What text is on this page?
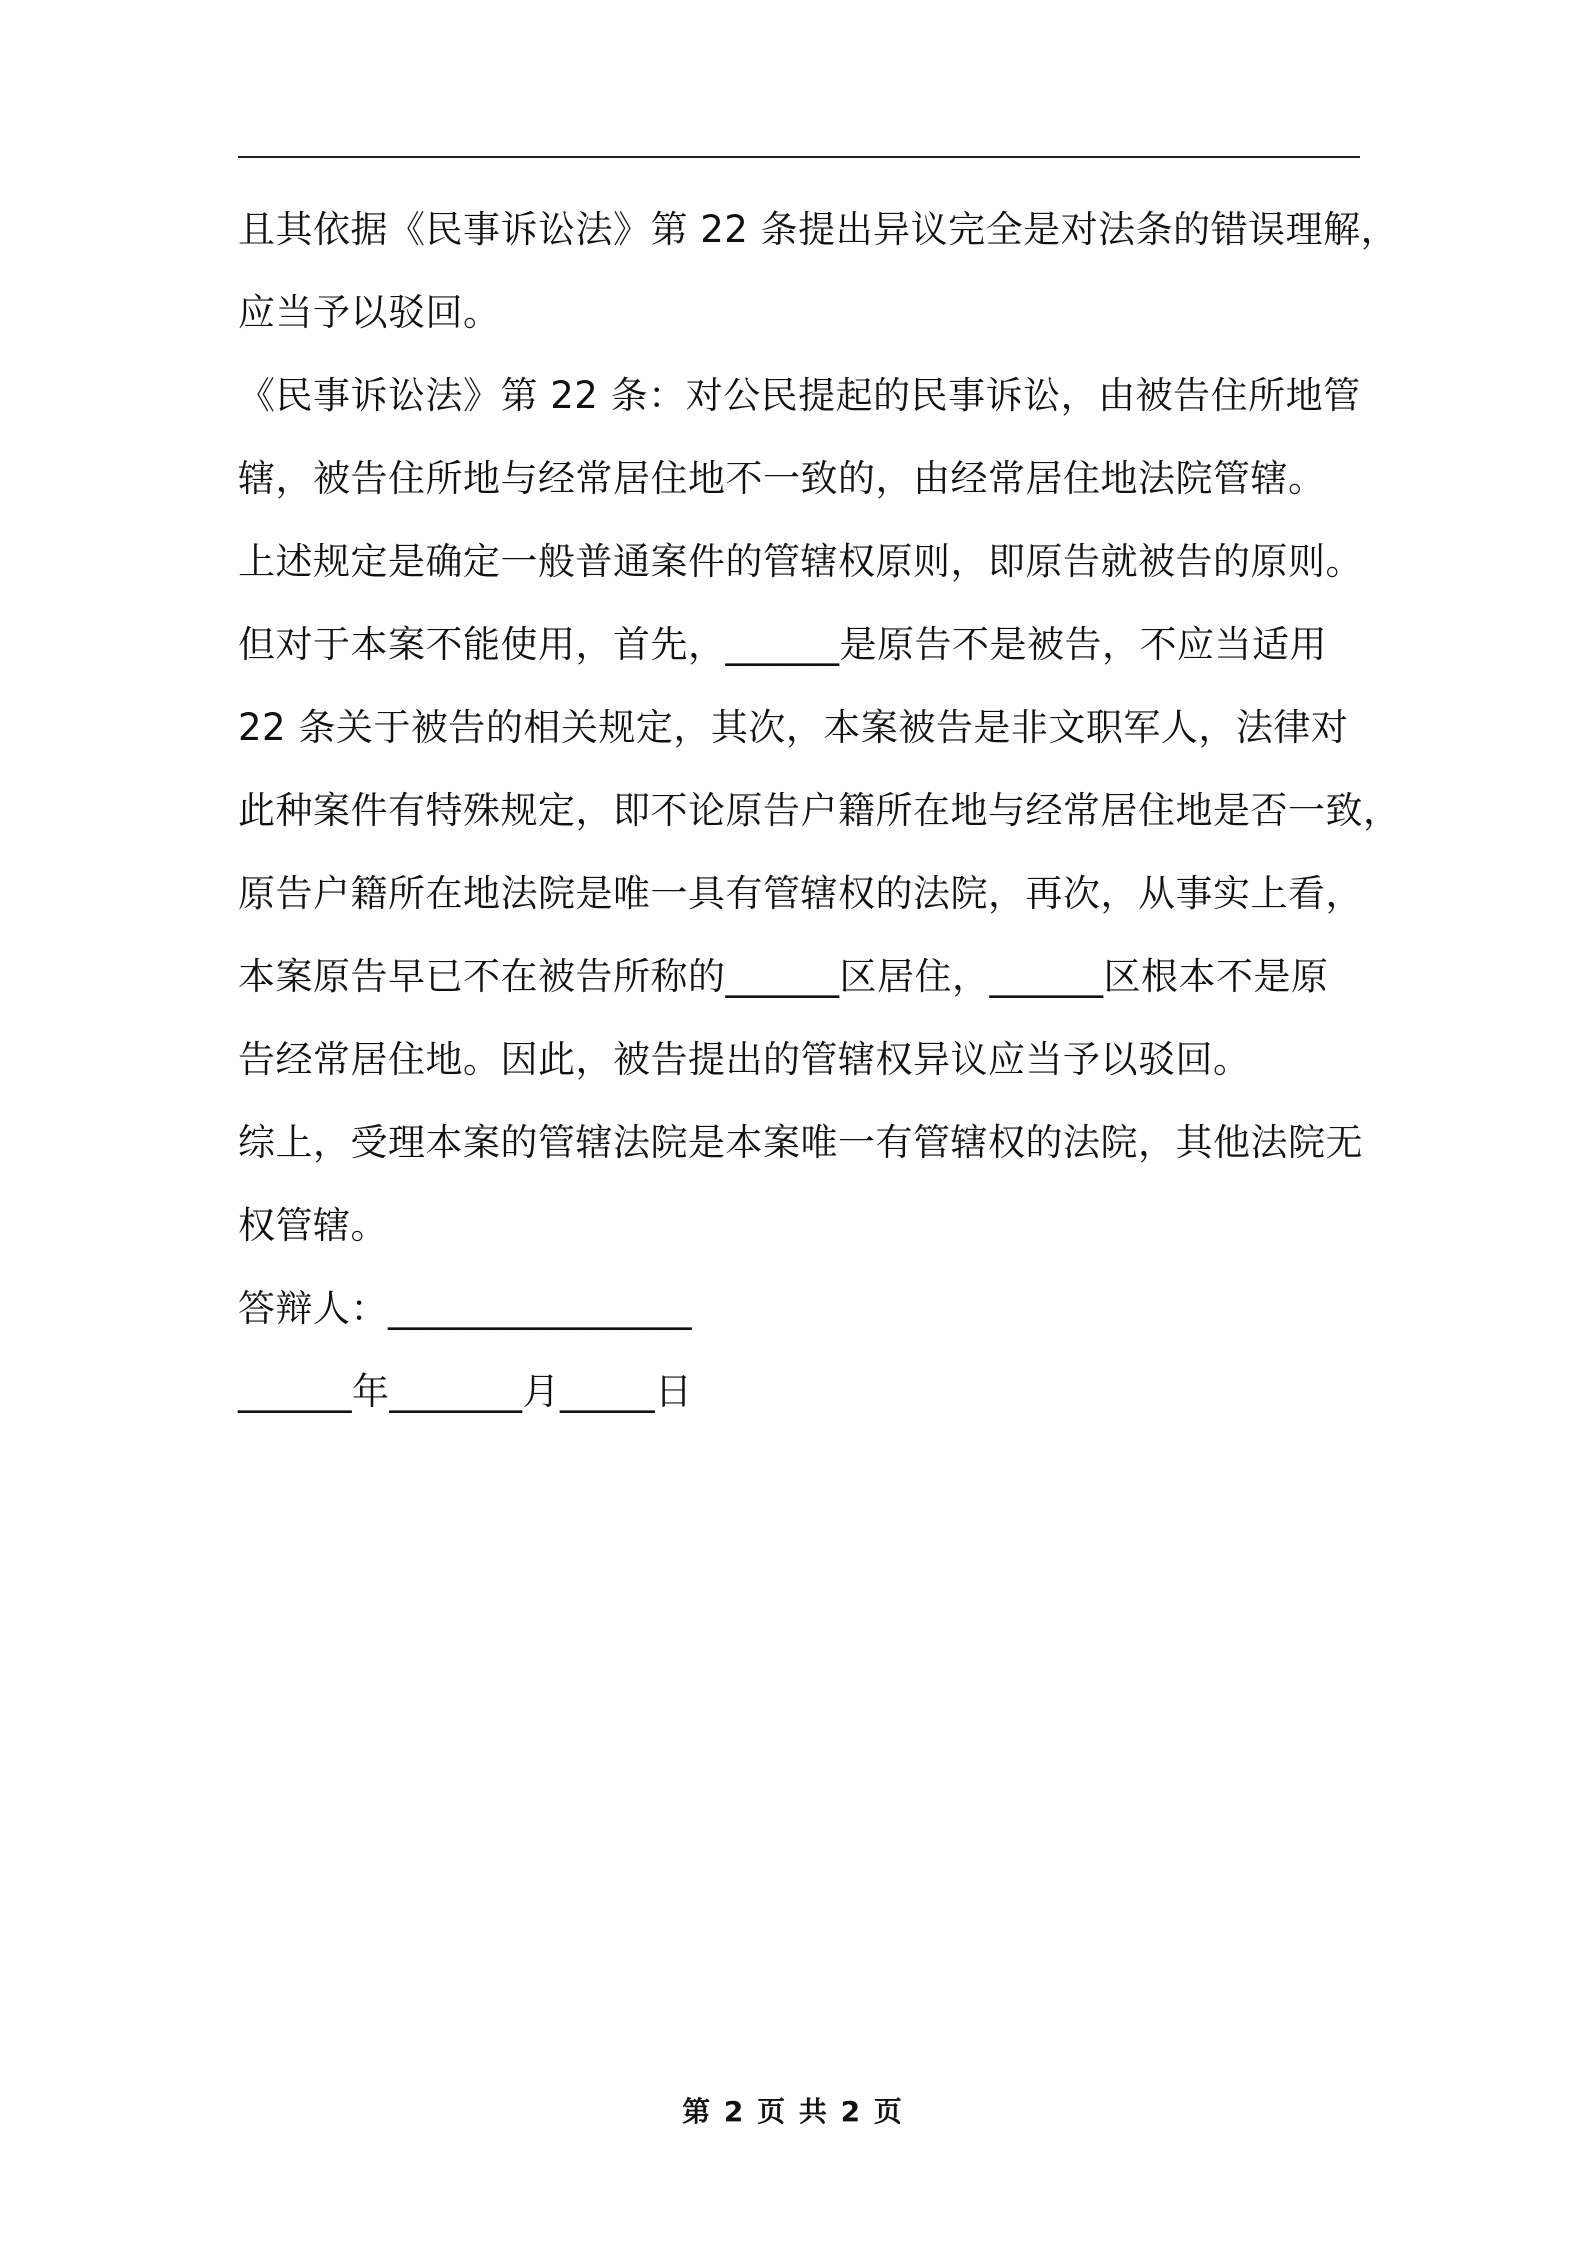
且其依据《民事诉讼法》第 22 条提出异议完全是对法条的错误理解，
应当予以驳回。
《民事诉讼法》第 22 条：对公民提起的民事诉讼，由被告住所地管
辖，被告住所地与经常居住地不一致的，由经常居住地法院管辖。
上述规定是确定一般普通案件的管辖权原则，即原告就被告的原则。
但对于本案不能使用，首先，______是原告不是被告，不应当适用
22 条关于被告的相关规定，其次，本案被告是非文职军人，法律对
此种案件有特殊规定，即不论原告户籍所在地与经常居住地是否一致，
原告户籍所在地法院是唯一具有管辖权的法院，再次，从事实上看，
本案原告早已不在被告所称的______区居住，______区根本不是原
告经常居住地。因此，被告提出的管辖权异议应当予以驳回。
综上，受理本案的管辖法院是本案唯一有管辖权的法院，其他法院无
权管辖。
答辩人：________________
______年_______月_____日
第 2 页 共 2 页
